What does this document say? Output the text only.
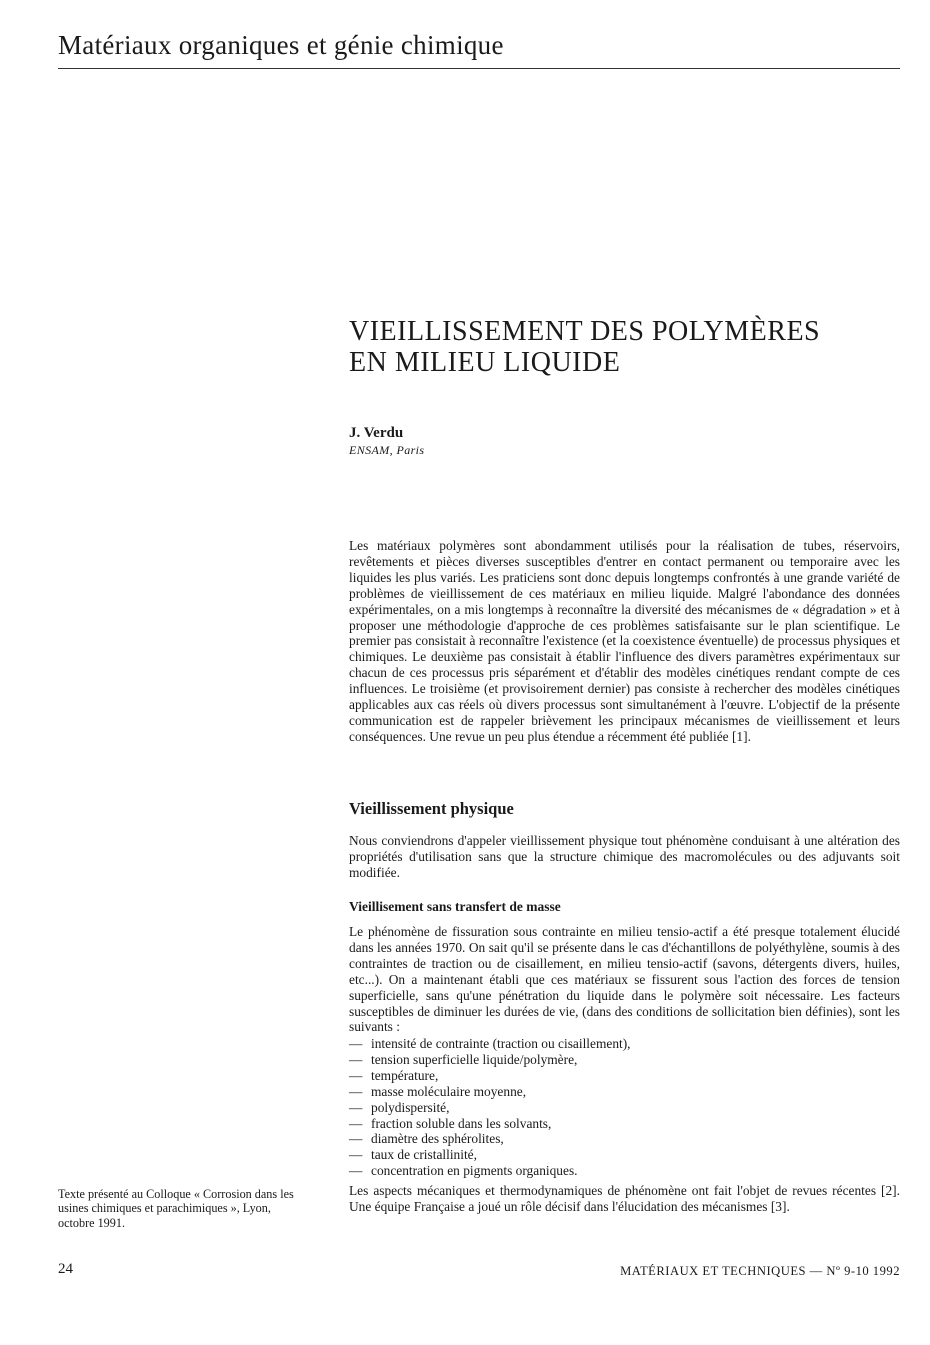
Matériaux organiques et génie chimique
VIEILLISSEMENT DES POLYMÈRES
EN MILIEU LIQUIDE
J. Verdu
ENSAM, Paris
Les matériaux polymères sont abondamment utilisés pour la réalisation de tubes, réservoirs, revêtements et pièces diverses susceptibles d'entrer en contact permanent ou temporaire avec les liquides les plus variés. Les praticiens sont donc depuis longtemps confrontés à une grande variété de problèmes de vieillissement de ces matériaux en milieu liquide. Malgré l'abondance des données expérimentales, on a mis longtemps à reconnaître la diversité des mécanismes de « dégradation » et à proposer une méthodologie d'approche de ces problèmes satisfaisante sur le plan scientifique. Le premier pas consistait à reconnaître l'existence (et la coexistence éventuelle) de processus physiques et chimiques. Le deuxième pas consistait à établir l'influence des divers paramètres expérimentaux sur chacun de ces processus pris séparément et d'établir des modèles cinétiques rendant compte de ces influences. Le troisième (et provisoirement dernier) pas consiste à rechercher des modèles cinétiques applicables aux cas réels où divers processus sont simultanément à l'œuvre. L'objectif de la présente communication est de rappeler brièvement les principaux mécanismes de vieillissement et leurs conséquences. Une revue un peu plus étendue a récemment été publiée [1].
Vieillissement physique
Nous conviendrons d'appeler vieillissement physique tout phénomène conduisant à une altération des propriétés d'utilisation sans que la structure chimique des macromolécules ou des adjuvants soit modifiée.
Vieillisement sans transfert de masse
Le phénomène de fissuration sous contrainte en milieu tensio-actif a été presque totalement élucidé dans les années 1970. On sait qu'il se présente dans le cas d'échantillons de polyéthylène, soumis à des contraintes de traction ou de cisaillement, en milieu tensio-actif (savons, détergents divers, huiles, etc...). On a maintenant établi que ces matériaux se fissurent sous l'action des forces de tension superficielle, sans qu'une pénétration du liquide dans le polymère soit nécessaire. Les facteurs susceptibles de diminuer les durées de vie, (dans des conditions de sollicitation bien définies), sont les suivants :
— intensité de contrainte (traction ou cisaillement),
— tension superficielle liquide/polymère,
— température,
— masse moléculaire moyenne,
— polydispersité,
— fraction soluble dans les solvants,
— diamètre des sphérolites,
— taux de cristallinité,
— concentration en pigments organiques.
Les aspects mécaniques et thermodynamiques de phénomène ont fait l'objet de revues récentes [2]. Une équipe Française a joué un rôle décisif dans l'élucidation des mécanismes [3].
Texte présenté au Colloque « Corrosion dans les usines chimiques et parachimiques », Lyon, octobre 1991.
24	MATÉRIAUX ET TECHNIQUES — Nº 9-10 1992
